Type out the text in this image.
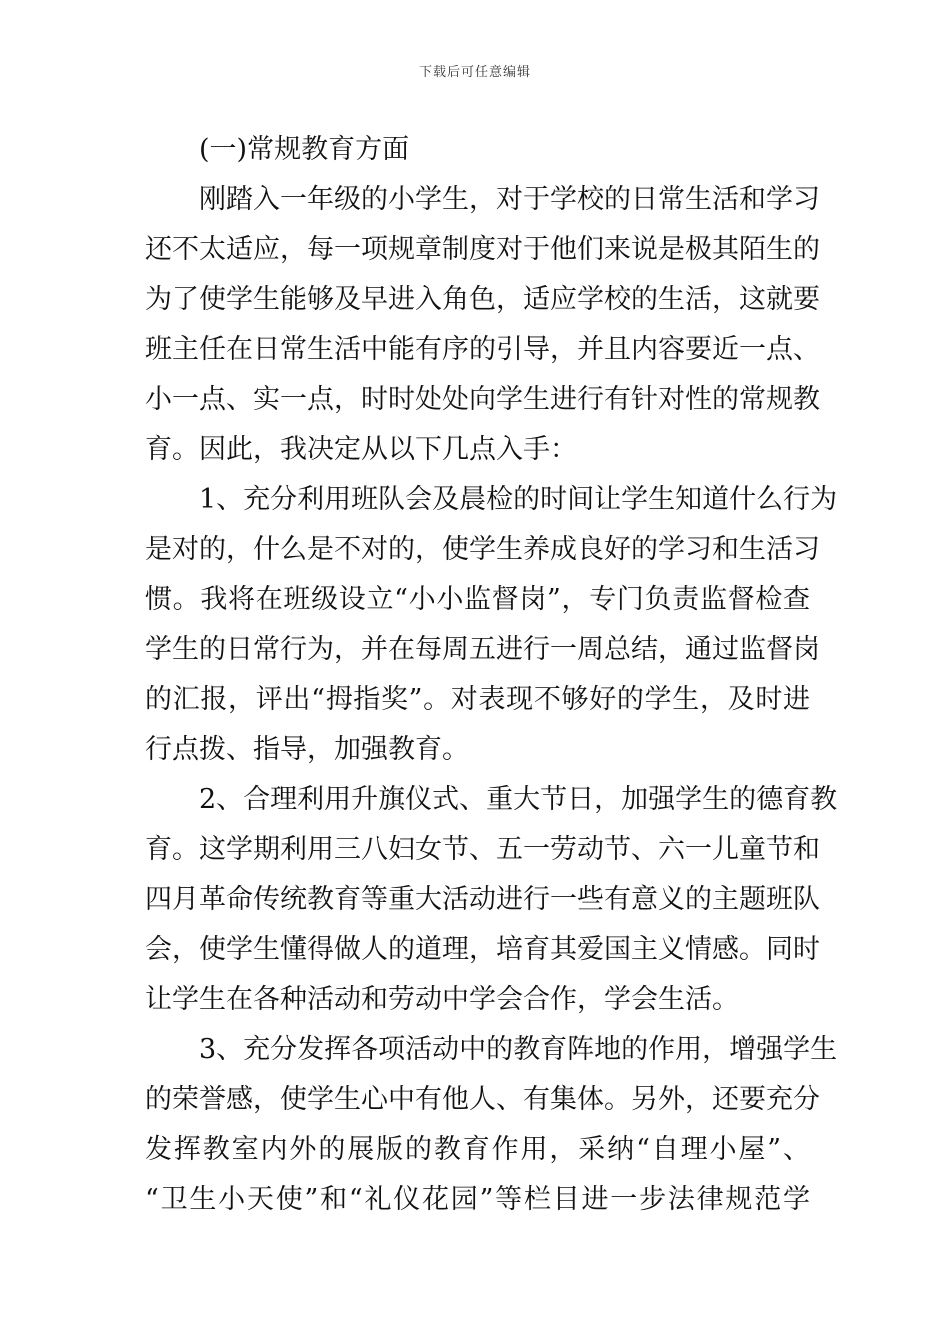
下载后可任意编辑
(一)常规教育方面
刚踏入一年级的小学生，对于学校的日常生活和学习
还不太适应，每一项规章制度对于他们来说是极其陌生的
为了使学生能够及早进入角色，适应学校的生活，这就要
班主任在日常生活中能有序的引导，并且内容要近一点、
小一点、实一点，时时处处向学生进行有针对性的常规教
育。因此，我决定从以下几点入手：
1、充分利用班队会及晨检的时间让学生知道什么行为
是对的，什么是不对的，使学生养成良好的学习和生活习
惯。我将在班级设立“小小监督岗”，专门负责监督检查
学生的日常行为，并在每周五进行一周总结，通过监督岗
的汇报，评出“拇指奖”。对表现不够好的学生，及时进
行点拨、指导，加强教育。
2、合理利用升旗仪式、重大节日，加强学生的德育教
育。这学期利用三八妇女节、五一劳动节、六一儿童节和
四月革命传统教育等重大活动进行一些有意义的主题班队
会，使学生懂得做人的道理，培育其爱国主义情感。同时
让学生在各种活动和劳动中学会合作，学会生活。
3、充分发挥各项活动中的教育阵地的作用，增强学生
的荣誉感，使学生心中有他人、有集体。另外，还要充分
发挥教室内外的展版的教育作用，采纳“自理小屋”、
“卫生小天使”和“礼仪花园”等栏目进一步法律规范学
